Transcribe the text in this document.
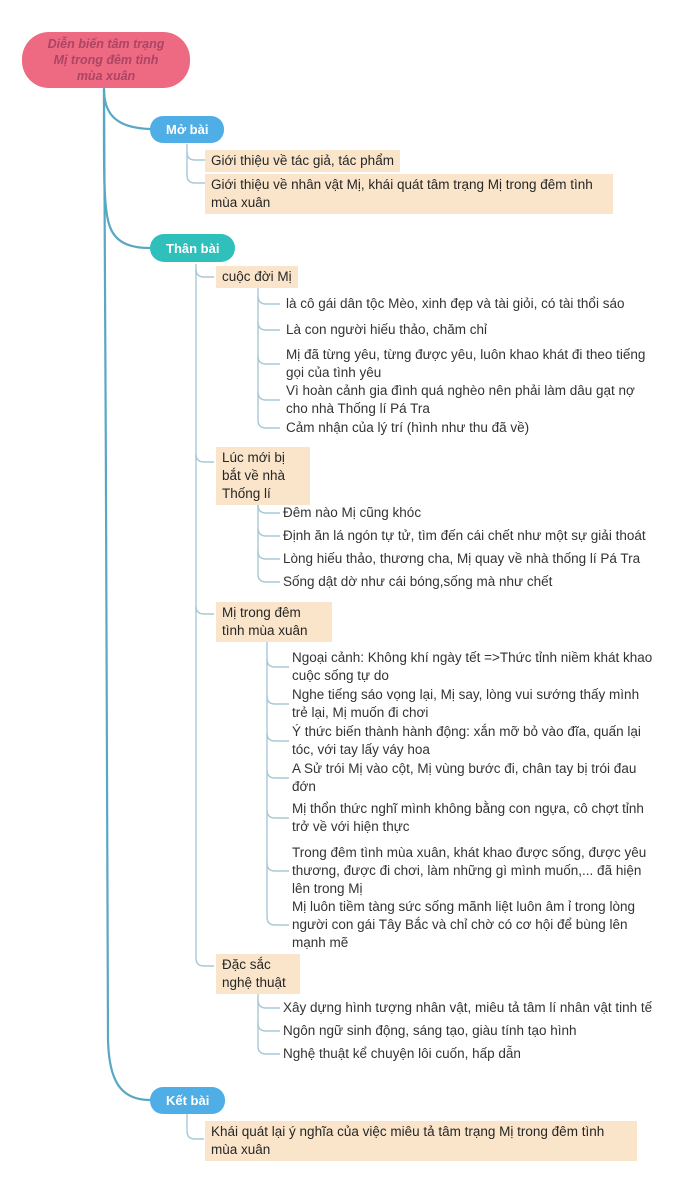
Diễn biến tâm trạng
Mị trong đêm tình
mùa xuân
Mở bài
Thân bài
Kết bài
Giới thiệu về tác giả, tác phẩm
Giới thiệu về nhân vật Mị, khái quát tâm trạng Mị trong đêm tình mùa xuân
cuộc đời Mị
Lúc mới bị bắt về nhà Thống lí
Mị trong đêm tình mùa xuân
Đặc sắc nghệ thuật
là cô gái dân tộc Mèo, xinh đẹp và tài giỏi, có tài thổi sáo
Là con người hiếu thảo, chăm chỉ
Mị đã từng yêu, từng được yêu, luôn khao khát đi theo tiếng gọi của tình yêu
Vì hoàn cảnh gia đình quá nghèo nên phải làm dâu gạt nợ cho nhà Thống lí Pá Tra
Cảm nhận của lý trí (hình như thu đã về)
Đêm nào Mị cũng khóc
Định ăn lá ngón tự tử, tìm đến cái chết như một sự giải thoát
Lòng hiếu thảo, thương cha, Mị quay về nhà thống lí Pá Tra
Sống dật dờ như cái bóng,sống mà như chết
Ngoại cảnh: Không khí ngày tết =>Thức tỉnh niềm khát khao cuộc sống tự do
Nghe tiếng sáo vọng lại, Mị say, lòng vui sướng thấy mình trẻ lại, Mị muốn đi chơi
Ý thức biến thành hành động: xắn mỡ bỏ vào đĩa, quấn lại tóc, với tay lấy váy hoa
A Sử trói Mị vào cột, Mị vùng bước đi, chân tay bị trói đau đớn
Mị thổn thức nghĩ mình không bằng con ngựa, cô chợt tỉnh trở về với hiện thực
Trong đêm tình mùa xuân, khát khao được sống, được yêu thương, được đi chơi, làm những gì mình muốn,... đã hiện lên trong Mị
Mị luôn tiềm tàng sức sống mãnh liệt luôn âm ỉ trong lòng người con gái Tây Bắc và chỉ chờ có cơ hội để bùng lên mạnh mẽ
Xây dựng hình tượng nhân vật, miêu tả tâm lí nhân vật tinh tế
Ngôn ngữ sinh động, sáng tạo, giàu tính tạo hình
Nghệ thuật kể chuyện lôi cuốn, hấp dẫn
Khái quát lại ý nghĩa của việc miêu tả tâm trạng Mị trong đêm tình mùa xuân
